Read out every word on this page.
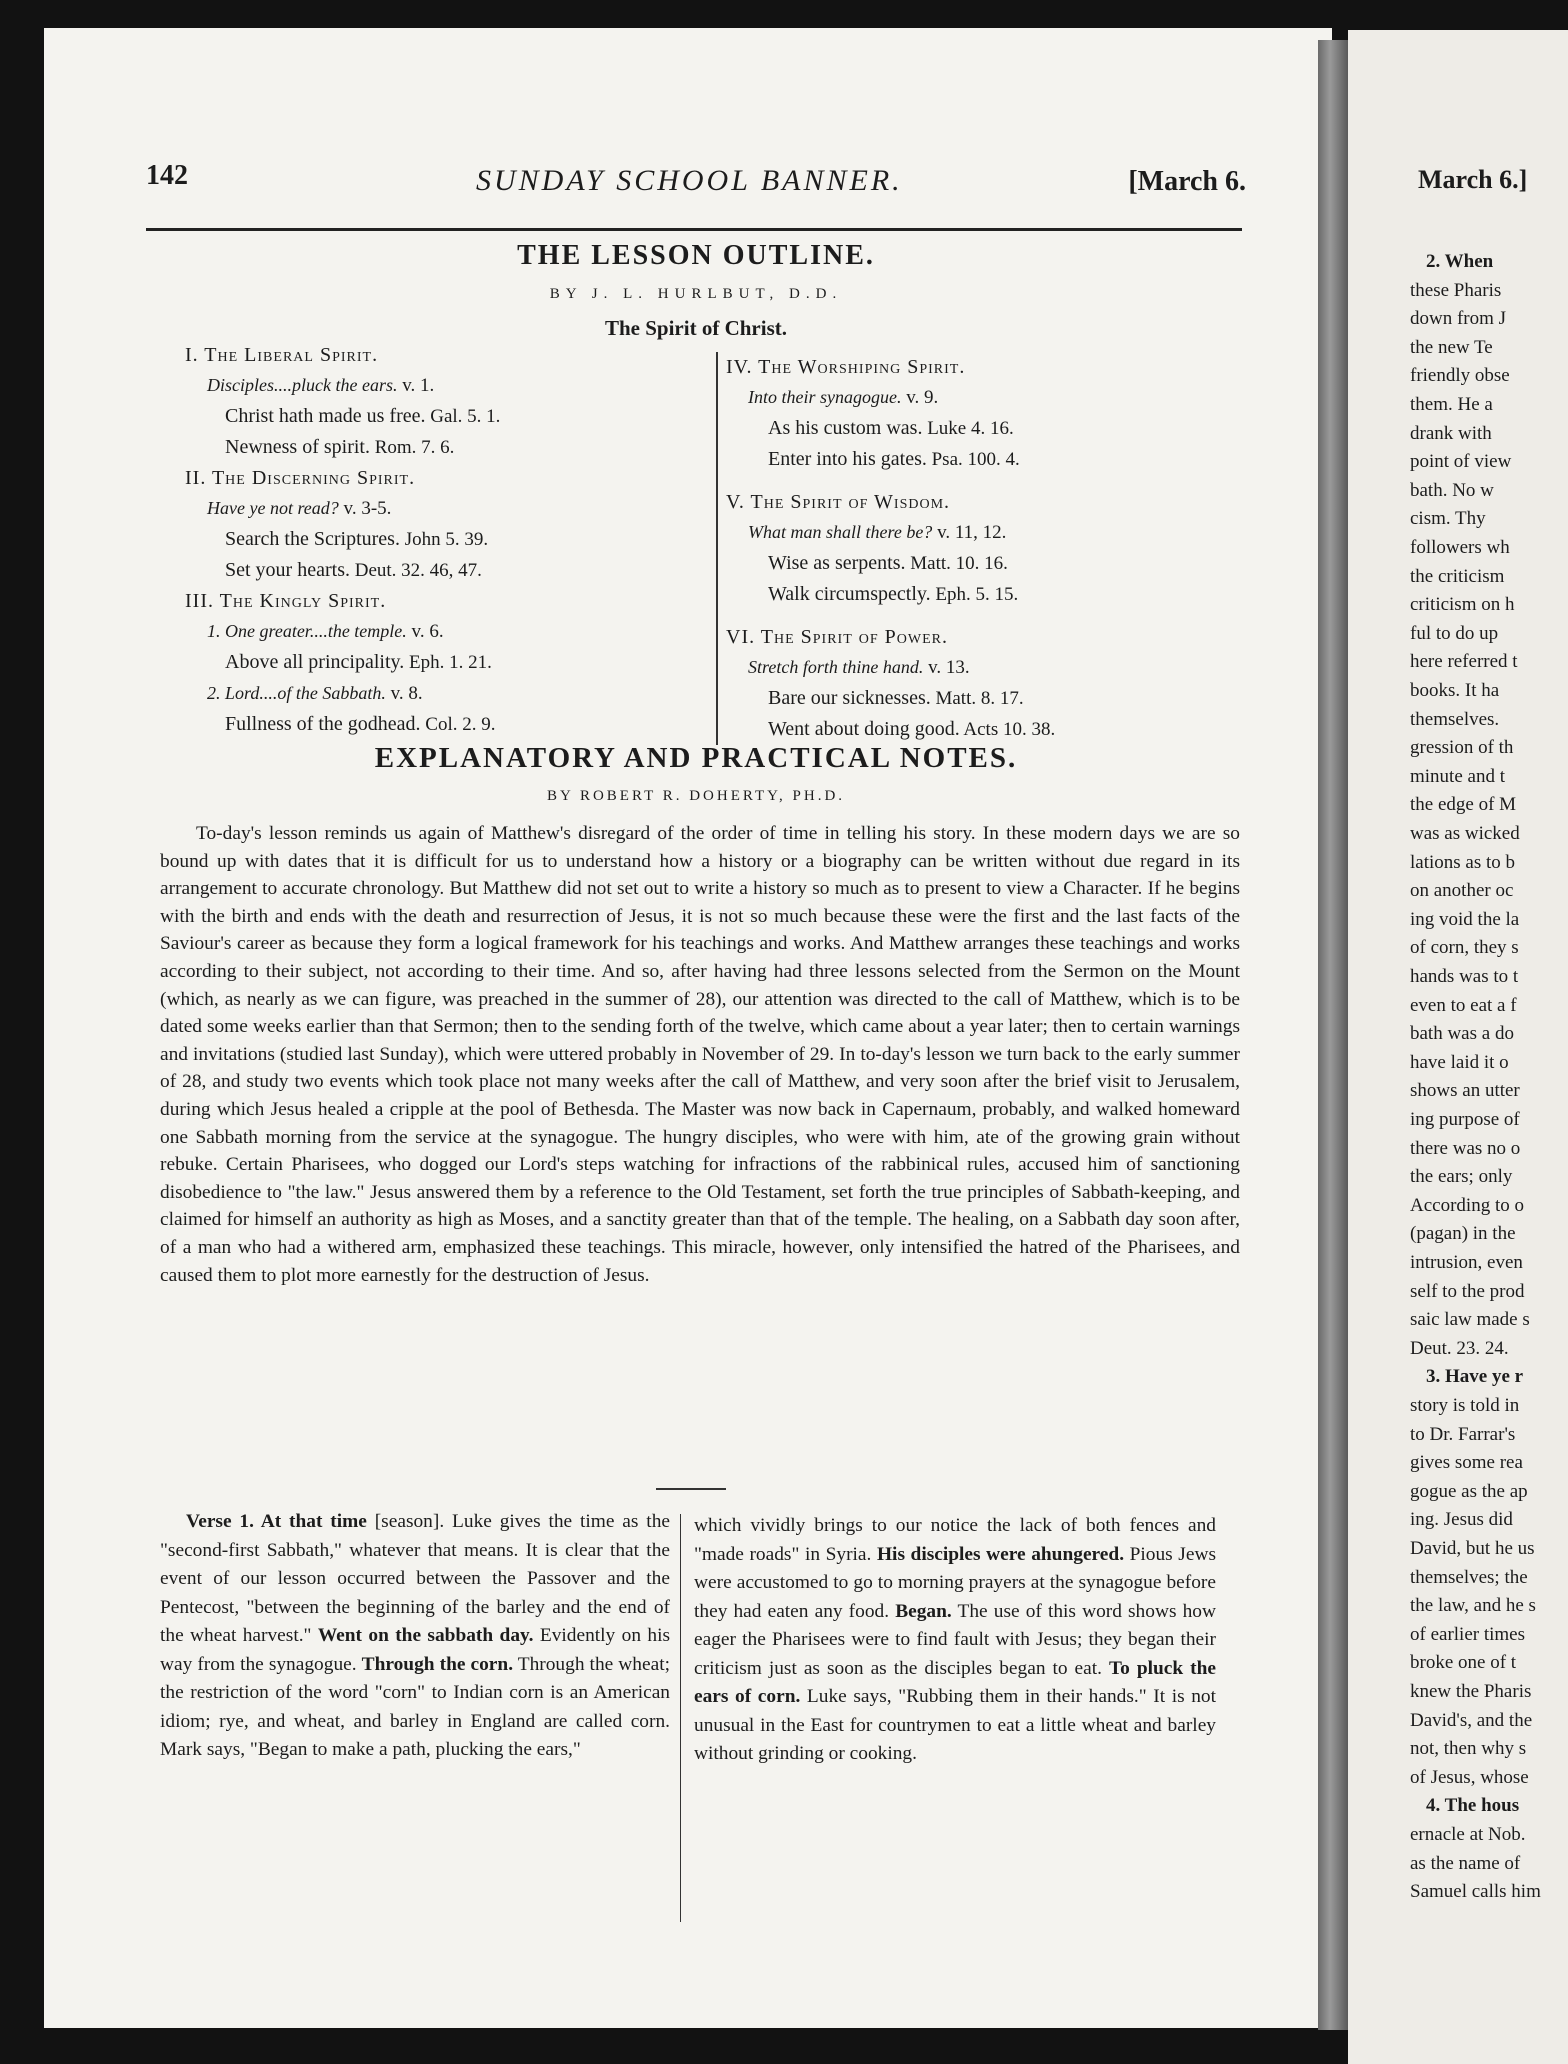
142	SUNDAY SCHOOL BANNER.	[March 6.
THE LESSON OUTLINE.
BY J. L. HURLBUT, D.D.
The Spirit of Christ.
I. The Liberal Spirit.
Disciples....pluck the ears. v. 1.
Christ hath made us free. Gal. 5. 1.
Newness of spirit. Rom. 7. 6.
II. The Discerning Spirit.
Have ye not read? v. 3-5.
Search the Scriptures. John 5. 39.
Set your hearts. Deut. 32. 46, 47.
III. The Kingly Spirit.
1. One greater....the temple. v. 6.
Above all principality. Eph. 1. 21.
2. Lord....of the Sabbath. v. 8.
Fullness of the godhead. Col. 2. 9.
IV. The Worshiping Spirit.
Into their synagogue. v. 9.
As his custom was. Luke 4. 16.
Enter into his gates. Psa. 100. 4.
V. The Spirit of Wisdom.
What man shall there be? v. 11, 12.
Wise as serpents. Matt. 10. 16.
Walk circumspectly. Eph. 5. 15.
VI. The Spirit of Power.
Stretch forth thine hand. v. 13.
Bare our sicknesses. Matt. 8. 17.
Went about doing good. Acts 10. 38.
EXPLANATORY AND PRACTICAL NOTES.
BY ROBERT R. DOHERTY, PH.D.

To-day's lesson reminds us again of Matthew's disregard of the order of time in telling his story. In these modern days we are so bound up with dates that it is difficult for us to understand how a history or a biography can be written without due regard in its arrangement to accurate chronology. But Matthew did not set out to write a history so much as to present to view a Character. If he begins with the birth and ends with the death and resurrection of Jesus, it is not so much because these were the first and the last facts of the Saviour's career as because they form a logical framework for his teachings and works. And Matthew arranges these teachings and works according to their subject, not according to their time. And so, after having had three lessons selected from the Sermon on the Mount (which, as nearly as we can figure, was preached in the summer of 28), our attention was directed to the call of Matthew, which is to be dated some weeks earlier than that Sermon; then to the sending forth of the twelve, which came about a year later; then to certain warnings and invitations (studied last Sunday), which were uttered probably in November of 29. In to-day's lesson we turn back to the early summer of 28, and study two events which took place not many weeks after the call of Matthew, and very soon after the brief visit to Jerusalem, during which Jesus healed a cripple at the pool of Bethesda. The Master was now back in Capernaum, probably, and walked homeward one Sabbath morning from the service at the synagogue. The hungry disciples, who were with him, ate of the growing grain without rebuke. Certain Pharisees, who dogged our Lord's steps watching for infractions of the rabbinical rules, accused him of sanctioning disobedience to "the law." Jesus answered them by a reference to the Old Testament, set forth the true principles of Sabbath-keeping, and claimed for himself an authority as high as Moses, and a sanctity greater than that of the temple. The healing, on a Sabbath day soon after, of a man who had a withered arm, emphasized these teachings. This miracle, however, only intensified the hatred of the Pharisees, and caused them to plot more earnestly for the destruction of Jesus.

Verse 1. At that time [season]. Luke gives the time as the "second-first Sabbath," whatever that means. It is clear that the event of our lesson occurred between the Passover and the Pentecost, "between the beginning of the barley and the end of the wheat harvest." Went on the sabbath day. Evidently on his way from the synagogue. Through the corn. Through the wheat; the restriction of the word "corn" to Indian corn is an American idiom; rye, and wheat, and barley in England are called corn. Mark says, "Began to make a path, plucking the ears,"

which vividly brings to our notice the lack of both fences and "made roads" in Syria. His disciples were ahungered. Pious Jews were accustomed to go to morning prayers at the synagogue before they had eaten any food. Began. The use of this word shows how eager the Pharisees were to find fault with Jesus; they began their criticism just as soon as the disciples began to eat. To pluck the ears of corn. Luke says, "Rubbing them in their hands." It is not unusual in the East for countrymen to eat a little wheat and barley without grinding or cooking.

March 6.]
2. When
these Pharis
down from J
the new Te
friendly obse
them. He a
drank with
point of view
bath. No w
cism. Thy
followers wh
the criticism
criticism on h
ful to do up
here referred t
books. It ha
themselves.
gression of th
minute and t
the edge of M
was as wicked
lations as to b
on another oc
ing void the la
of corn, they s
hands was to t
even to eat a f
bath was a do
have laid it o
shows an utter
ing purpose of
there was no o
the ears; only
According to o
(pagan) in the
intrusion, even
self to the prod
saic law made s
Deut. 23. 24.
3. Have ye r
story is told in
to Dr. Farrar's
gives some rea
gogue as the ap
ing. Jesus did
David, but he us
themselves; the
the law, and he s
of earlier times
broke one of t
knew the Pharis
David's, and the
not, then why s
of Jesus, whose
4. The hous
ernacle at Nob.
as the name of
Samuel calls him
